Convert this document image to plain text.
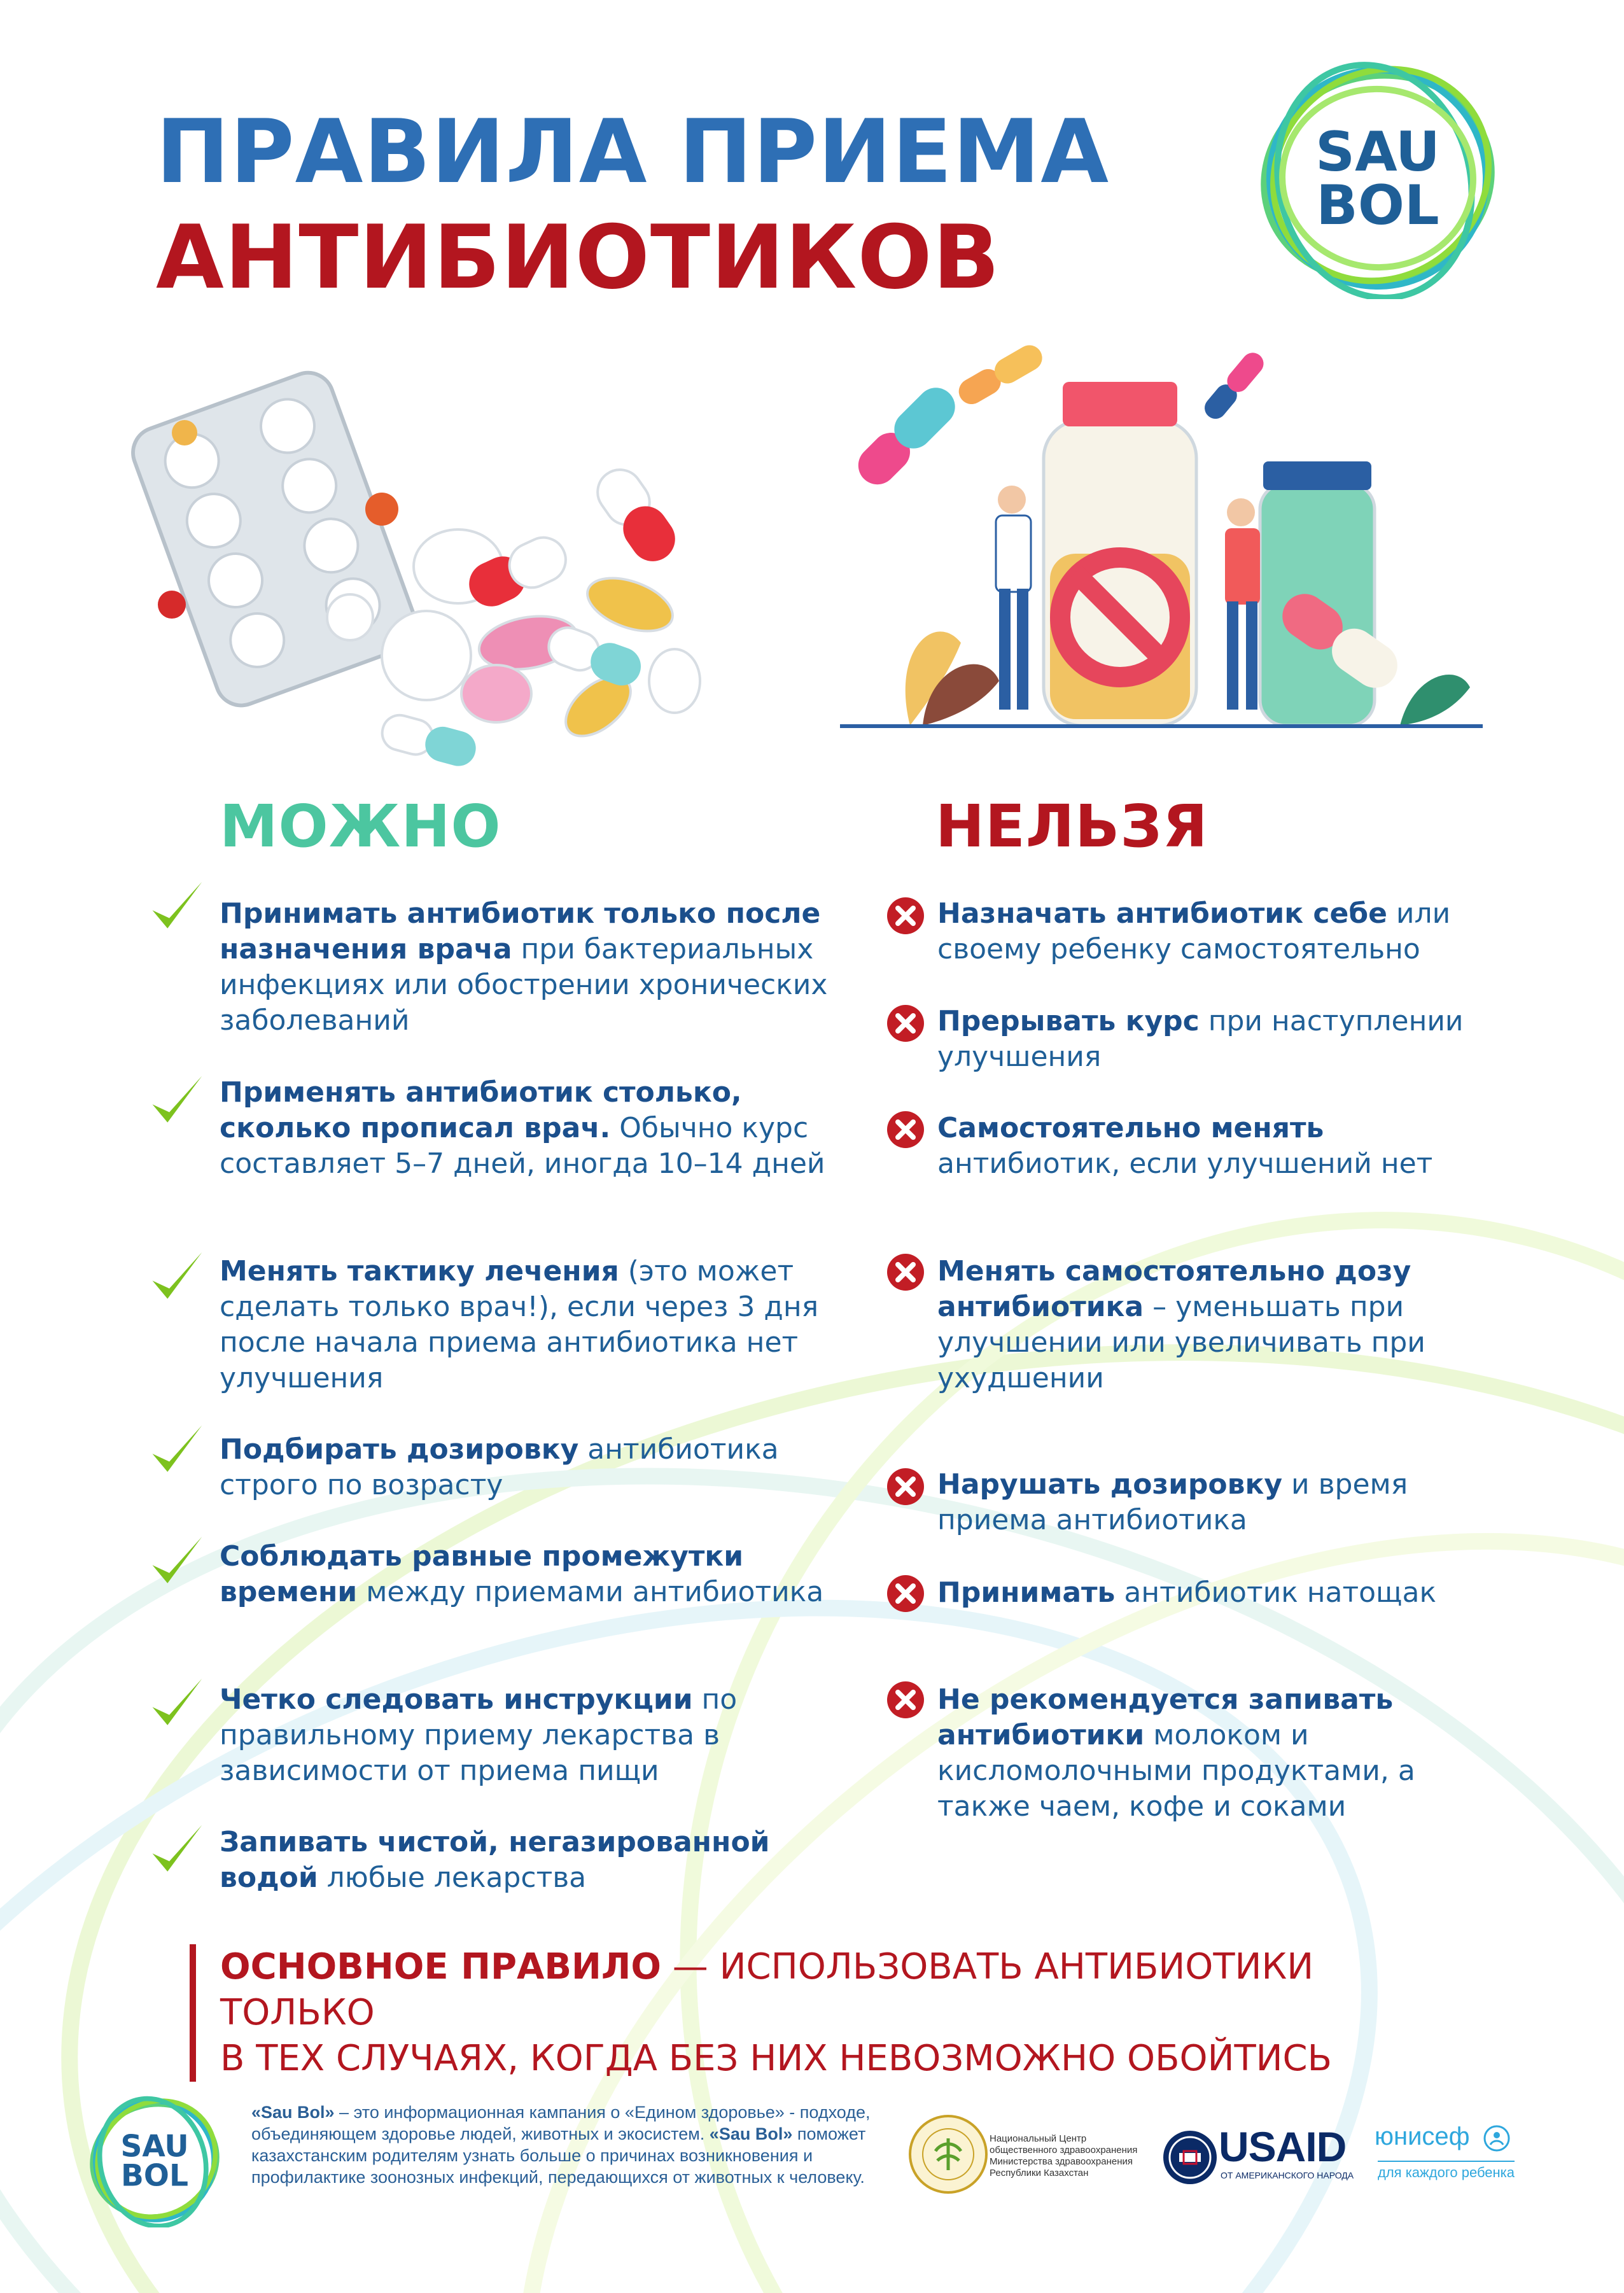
ПРАВИЛА ПРИЕМА
АНТИБИОТИКОВ
SAU
BOL
МОЖНО	НЕЛЬЗЯ
Принимать антибиотик только после назначения врача при бактериальных инфекциях или обострении хронических заболеваний
Применять антибиотик столько, сколько прописал врач. Обычно курс составляет 5–7 дней, иногда 10–14 дней
Менять тактику лечения (это может сделать только врач!), если через 3 дня после начала приема антибиотика нет улучшения
Подбирать дозировку антибиотика строго по возрасту
Соблюдать равные промежутки времени между приемами антибиотика
Четко следовать инструкции по правильному приему лекарства в зависимости от приема пищи
Запивать чистой, негазированной водой любые лекарства
Назначать антибиотик себе или своему ребенку самостоятельно
Прерывать курс при наступлении улучшения
Самостоятельно менять антибиотик, если улучшений нет
Менять самостоятельно дозу антибиотика – уменьшать при улучшении или увеличивать при ухудшении
Нарушать дозировку и время приема антибиотика
Принимать антибиотик натощак
Не рекомендуется запивать антибиотики молоком и кисломолочными продуктами, а также чаем, кофе и соками
ОСНОВНОЕ ПРАВИЛО — ИСПОЛЬЗОВАТЬ АНТИБИОТИКИ ТОЛЬКО
В ТЕХ СЛУЧАЯХ, КОГДА БЕЗ НИХ НЕВОЗМОЖНО ОБОЙТИСЬ
SAU
BOL
«Sau Bol» – это информационная кампания о «Едином здоровье» - подходе, объединяющем здоровье людей, животных и экосистем. «Sau Bol» поможет казахстанским родителям узнать больше о причинах возникновения и профилактике зоонозных инфекций, передающихся от животных к человеку.
Национальный Центр общественного здравоохранения Министерства здравоохранения Республики Казахстан
USAID
ОТ АМЕРИКАНСКОГО НАРОДА
юнисеф
для каждого ребенка
